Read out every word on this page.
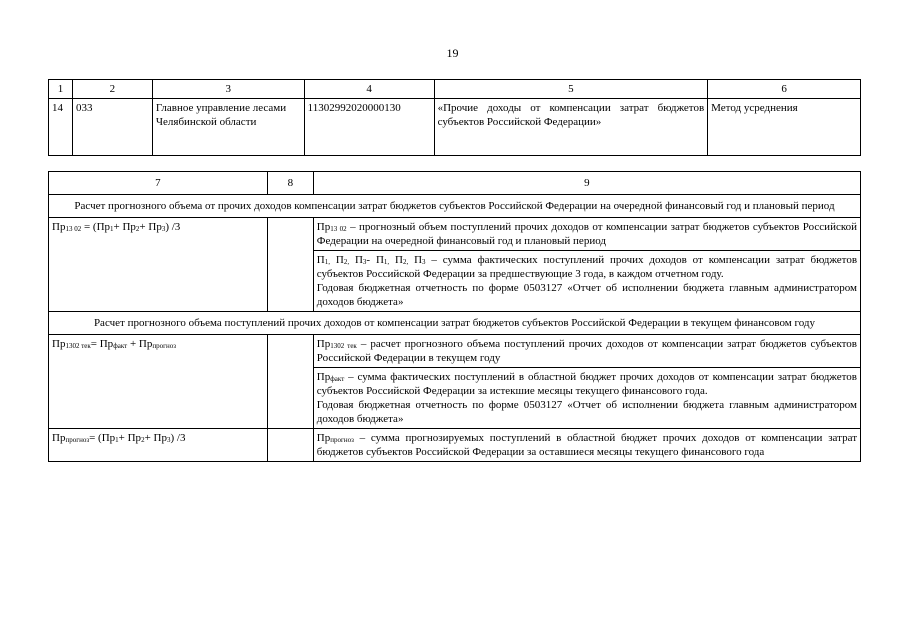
19
1	2	3	4	5	6
14	033	Главное управление лесами Челябинской области	11302992020000130	«Прочие доходы от компенсации затрат бюджетов субъектов Российской Федерации»	Метод усреднения
7	8	9
Расчет прогнозного объема от прочих доходов компенсации затрат бюджетов субъектов Российской Федерации на очередной финансовый год и плановый период		
$Пр_{13 02} = (Пр_1+ Пр_2+ Пр_3)$ /3		$Пр_{13 02}$ – прогнозный объем поступлений прочих доходов от компенсации затрат бюджетов субъектов Российской Федерации на очередной финансовый год и плановый период
		$П_{1,}$ $П_{2,}$ $П_3-$ $П_{1,}$ $П_{2,}$ $П_3$ – сумма фактических поступлений прочих доходов от компенсации затрат бюджетов субъектов Российской Федерации за предшествующие 3 года, в каждом отчетном году.
Годовая бюджетная отчетность по форме 0503127 «Отчет об исполнении бюджета главным администратором доходов бюджета»
Расчет прогнозного объема поступлений прочих доходов от компенсации затрат бюджетов субъектов Российской Федерации в текущем финансовом году		
$Пр_{1302 тек}= Пр_{факт} + Пр_{прогноз}$		$Пр_{1302 тек}$ – расчет прогнозного объема поступлений прочих доходов от компенсации затрат бюджетов субъектов Российской Федерации в текущем году
		$Пр_{факт}$ – сумма фактических поступлений в областной бюджет прочих доходов от компенсации затрат бюджетов субъектов Российской Федерации за истекшие месяцы текущего финансового года.
Годовая бюджетная отчетность по форме 0503127 «Отчет об исполнении бюджета главным администратором доходов бюджета»
$Пр_{прогноз}= (Пр_1+ Пр_2+ Пр_3)$ /3		$Пр_{прогноз}$ – сумма прогнозируемых поступлений в областной бюджет прочих доходов от компенсации затрат бюджетов субъектов Российской Федерации за оставшиеся месяцы текущего финансового года
